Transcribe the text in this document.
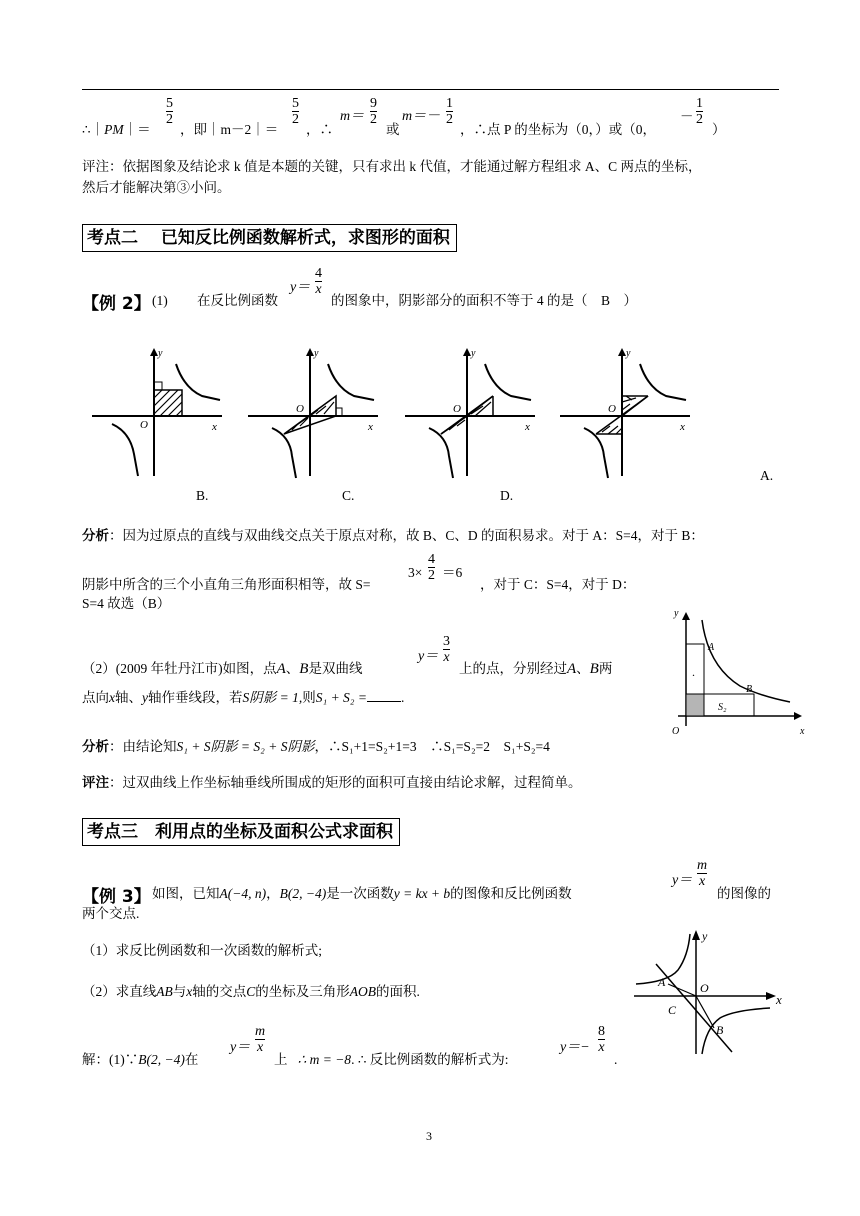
∴｜PM｜＝
$\frac{5}{2}$
，即｜m－2｜＝
$\frac{5}{2}$
，∴
$m= \frac{9}{2}$
或
$m=- \frac{1}{2}$
，∴点 P 的坐标为（0，）或（0，
－ $\frac{1}{2}$
）
评注：依据图象及结论求 k 值是本题的关键，只有求出 k 代值，才能通过解方程组求 A、C 两点的坐标，
然后才能解决第③小问。
考点二　 已知反比例函数解析式，求图形的面积
【例 2】 (1) 在反比例函数
$y= \frac{4}{x}$
的图象中，阴影部分的面积不等于 4 的是（　B　）
y
x
O
y
x
O
y
x
O
y
x
O
A.
B.	C.	D.
分析：因为过原点的直线与双曲线交点关于原点对称，故 B、C、D 的面积易求。对于 A：S=4，对于 B：
阴影中所含的三个小直角三角形面积相等，故 S=
$3\times \frac{4}{2} =6$
，对于 C：S=4，对于 D：
S=4 故选（B）
（2）(2009 年牡丹江市)如图，点A、B是双曲线
$y= \frac{3}{x}$
上的点，分别经过A、B两
点向x轴、y轴作垂线段，若S阴影 = 1,则S₁ + S₂ =	.
y
x
O
A
B
S₂
.
分析：由结论知S₁ + S阴影 = S₂ + S阴影，∴S₁+1=S₂+1=3　∴S₁=S₂=2　S₁+S₂=4
评注：过双曲线上作坐标轴垂线所围成的矩形的面积可直接由结论求解，过程简单。
考点三　利用点的坐标及面积公式求面积
【例 3】 如图，已知A(−4, n)，B(2, −4)是一次函数y = kx + b的图像和反比例函数
$y= \frac{m}{x}$
的图像的
两个交点.
（1）求反比例函数和一次函数的解析式;
（2）求直线AB与x轴的交点C的坐标及三角形AOB的面积.
y
x
O
A
B
C
解：(1)∵B(2, −4)在
$y= \frac{m}{x}$
上 ∴ m = −8. ∴ 反比例函数的解析式为:
$y=- \frac{8}{x}$
.
3
